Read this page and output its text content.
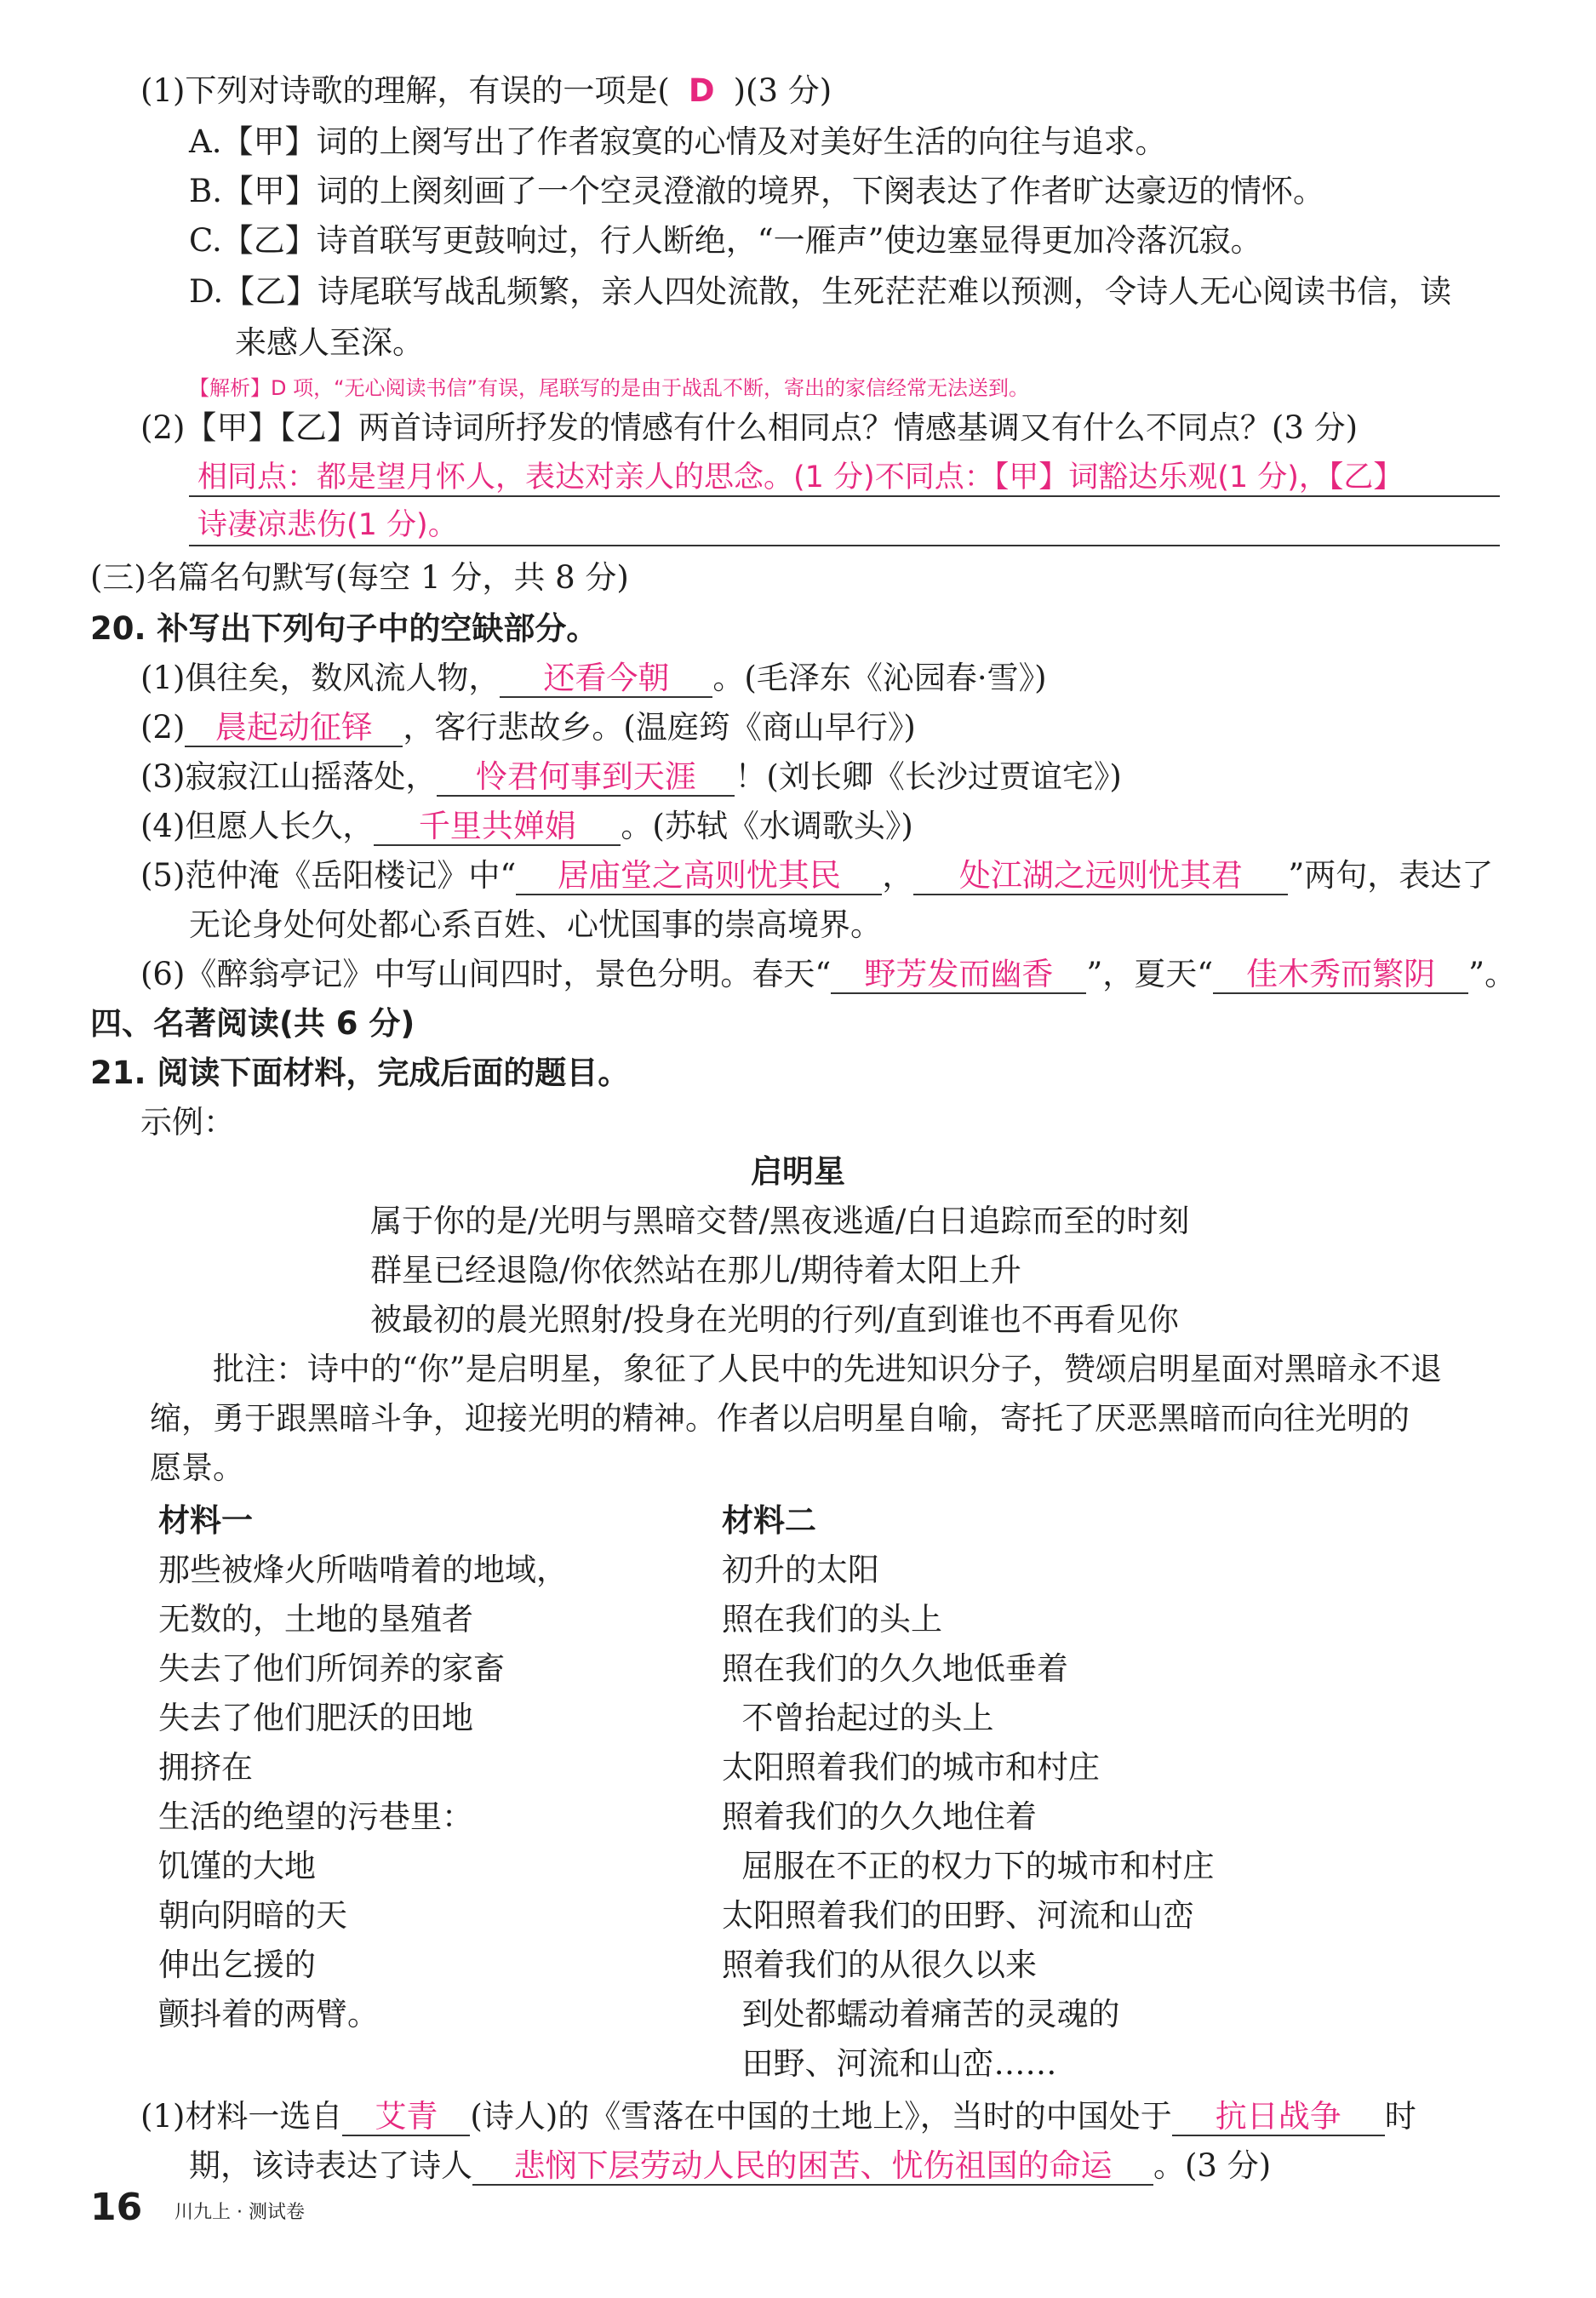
(1)下列对诗歌的理解，有误的一项是( D )(3 分)
A.【甲】词的上阕写出了作者寂寞的心情及对美好生活的向往与追求。
B.【甲】词的上阕刻画了一个空灵澄澈的境界，下阕表达了作者旷达豪迈的情怀。
C.【乙】诗首联写更鼓响过，行人断绝，“一雁声”使边塞显得更加冷落沉寂。
D.【乙】诗尾联写战乱频繁，亲人四处流散，生死茫茫难以预测，令诗人无心阅读书信，读
来感人至深。
【解析】D 项，“无心阅读书信”有误，尾联写的是由于战乱不断，寄出的家信经常无法送到。
(2)【甲】【乙】两首诗词所抒发的情感有什么相同点？情感基调又有什么不同点？(3 分)
相同点：都是望月怀人，表达对亲人的思念。(1 分)不同点：【甲】词豁达乐观(1 分)，【乙】
诗凄凉悲伤(1 分)。
(三)名篇名句默写(每空 1 分，共 8 分)
20. 补写出下列句子中的空缺部分。
(1)俱往矣，数风流人物， 还看今朝 。(毛泽东《沁园春·雪》)
(2) 晨起动征铎 ，客行悲故乡。(温庭筠《商山早行》)
(3)寂寂江山摇落处， 怜君何事到天涯 ！(刘长卿《长沙过贾谊宅》)
(4)但愿人长久， 千里共婵娟 。(苏轼《水调歌头》)
(5)范仲淹《岳阳楼记》中“ 居庙堂之高则忧其民 ， 处江湖之远则忧其君 ”两句，表达了
无论身处何处都心系百姓、心忧国事的崇高境界。
(6)《醉翁亭记》中写山间四时，景色分明。春天“ 野芳发而幽香 ”，夏天“ 佳木秀而繁阴 ”。
四、名著阅读(共 6 分)
21. 阅读下面材料，完成后面的题目。
示例：
启明星
属于你的是/光明与黑暗交替/黑夜逃遁/白日追踪而至的时刻
群星已经退隐/你依然站在那儿/期待着太阳上升
被最初的晨光照射/投身在光明的行列/直到谁也不再看见你
批注：诗中的“你”是启明星，象征了人民中的先进知识分子，赞颂启明星面对黑暗永不退
缩，勇于跟黑暗斗争，迎接光明的精神。作者以启明星自喻，寄托了厌恶黑暗而向往光明的
愿景。
材料一	材料二
那些被烽火所啮啃着的地域，
无数的，土地的垦殖者
失去了他们所饲养的家畜
失去了他们肥沃的田地
拥挤在
生活的绝望的污巷里：
饥馑的大地
朝向阴暗的天
伸出乞援的
颤抖着的两臂。
初升的太阳
照在我们的头上
照在我们的久久地低垂着
不曾抬起过的头上
太阳照着我们的城市和村庄
照着我们的久久地住着
屈服在不正的权力下的城市和村庄
太阳照着我们的田野、河流和山峦
照着我们的从很久以来
到处都蠕动着痛苦的灵魂的
田野、河流和山峦……
(1)材料一选自 艾青 (诗人)的《雪落在中国的土地上》，当时的中国处于 抗日战争 时
期，该诗表达了诗人 悲悯下层劳动人民的困苦、忧伤祖国的命运 。(3 分)
16 川九上 · 测试卷
